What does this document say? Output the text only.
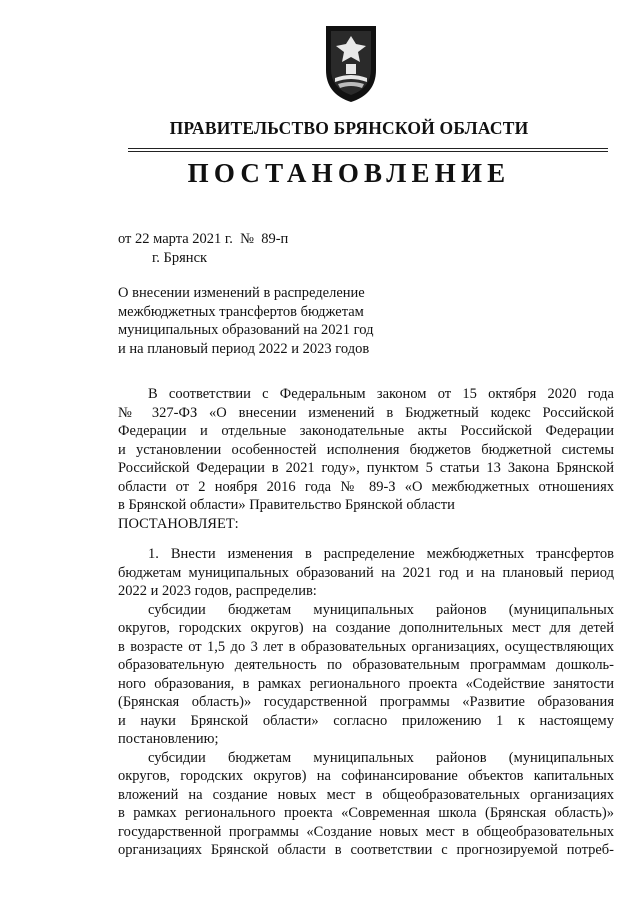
ПРАВИТЕЛЬСТВО БРЯНСКОЙ ОБЛАСТИ
ПОСТАНОВЛЕНИЕ
от 22 марта 2021 г.  №  89-п
г. Брянск
О внесении изменений в распределение
межбюджетных трансфертов бюджетам
муниципальных образований на 2021 год
и на плановый период 2022 и 2023 годов
В соответствии с Федеральным законом от 15 октября 2020 года
№ 327-ФЗ «О внесении изменений в Бюджетный кодекс Российской
Федерации и отдельные законодательные акты Российской Федерации
и установлении особенностей исполнения бюджетов бюджетной системы
Российской Федерации в 2021 году», пунктом 5 статьи 13 Закона Брянской
области от 2 ноября 2016 года № 89-З «О межбюджетных отношениях
в Брянской области» Правительство Брянской области
ПОСТАНОВЛЯЕТ:
1. Внести изменения в распределение межбюджетных трансфертов
бюджетам муниципальных образований на 2021 год и на плановый период
2022 и 2023 годов, распределив:
субсидии бюджетам муниципальных районов (муниципальных
округов, городских округов) на создание дополнительных мест для детей
в возрасте от 1,5 до 3 лет в образовательных организациях, осуществляющих
образовательную деятельность по образовательным программам дошколь-
ного образования, в рамках регионального проекта «Содействие занятости
(Брянская область)» государственной программы «Развитие образования
и науки Брянской области» согласно приложению 1 к настоящему
постановлению;
субсидии бюджетам муниципальных районов (муниципальных
округов, городских округов) на софинансирование объектов капитальных
вложений на создание новых мест в общеобразовательных организациях
в рамках регионального проекта «Современная школа (Брянская область)»
государственной программы «Создание новых мест в общеобразовательных
организациях Брянской области в соответствии с прогнозируемой потреб-
